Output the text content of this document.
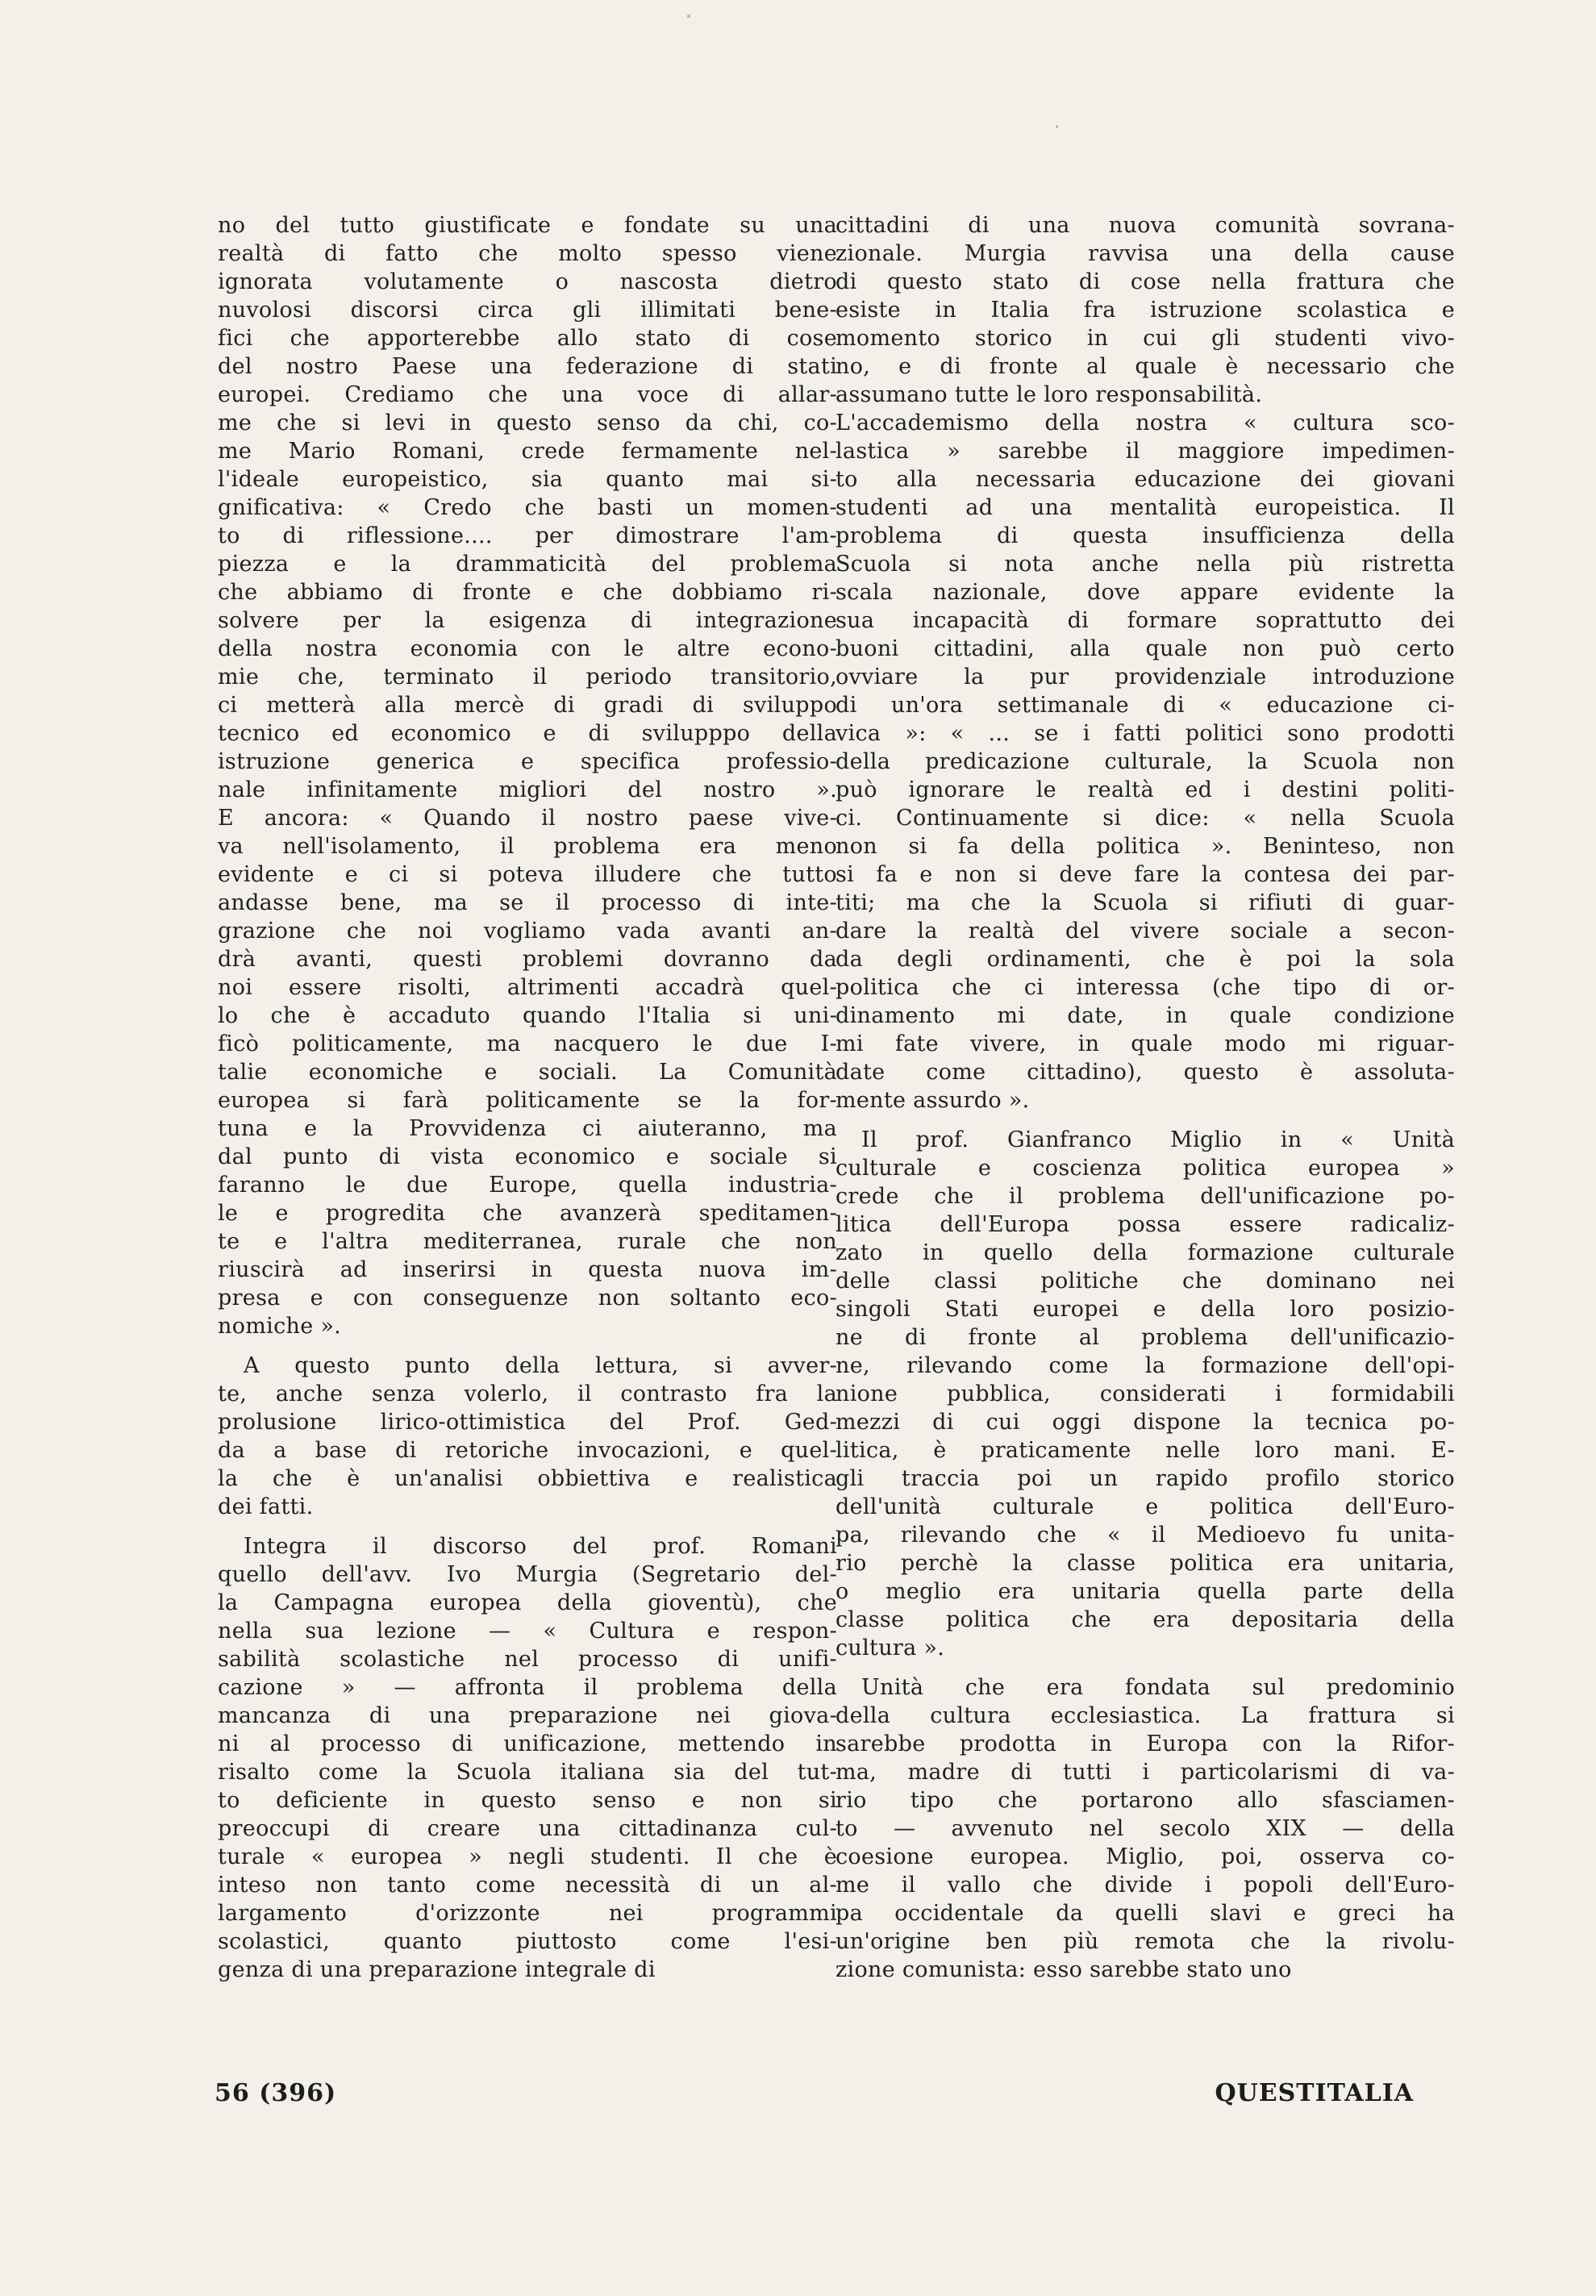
no del tutto giustificate e fondate su una
realtà di fatto che molto spesso viene
ignorata volutamente o nascosta dietro
nuvolosi discorsi circa gli illimitati bene-
fici che apporterebbe allo stato di cose
del nostro Paese una federazione di stati
europei. Crediamo che una voce di allar-
me che si levi in questo senso da chi, co-
me Mario Romani, crede fermamente nel-
l'ideale europeistico, sia quanto mai si-
gnificativa: « Credo che basti un momen-
to di riflessione.... per dimostrare l'am-
piezza e la drammaticità del problema
che abbiamo di fronte e che dobbiamo ri-
solvere per la esigenza di integrazione
della nostra economia con le altre econo-
mie che, terminato il periodo transitorio,
ci metterà alla mercè di gradi di sviluppo
tecnico ed economico e di svilupppo della
istruzione generica e specifica professio-
nale infinitamente migliori del nostro ».
E ancora: « Quando il nostro paese vive-
va nell'isolamento, il problema era meno
evidente e ci si poteva illudere che tutto
andasse bene, ma se il processo di inte-
grazione che noi vogliamo vada avanti an-
drà avanti, questi problemi dovranno da
noi essere risolti, altrimenti accadrà quel-
lo che è accaduto quando l'Italia si uni-
ficò politicamente, ma nacquero le due I-
talie economiche e sociali. La Comunità
europea si farà politicamente se la for-
tuna e la Provvidenza ci aiuteranno, ma
dal punto di vista economico e sociale si
faranno le due Europe, quella industria-
le e progredita che avanzerà speditamen-
te e l'altra mediterranea, rurale che non
riuscirà ad inserirsi in questa nuova im-
presa e con conseguenze non soltanto eco-
nomiche ».
A questo punto della lettura, si avver-
te, anche senza volerlo, il contrasto fra la
prolusione lirico-ottimistica del Prof. Ged-
da a base di retoriche invocazioni, e quel-
la che è un'analisi obbiettiva e realistica
dei fatti.
Integra il discorso del prof. Romani
quello dell'avv. Ivo Murgia (Segretario del-
la Campagna europea della gioventù), che
nella sua lezione — « Cultura e respon-
sabilità scolastiche nel processo di unifi-
cazione » — affronta il problema della
mancanza di una preparazione nei giova-
ni al processo di unificazione, mettendo in
risalto come la Scuola italiana sia del tut-
to deficiente in questo senso e non si
preoccupi di creare una cittadinanza cul-
turale « europea » negli studenti. Il che è
inteso non tanto come necessità di un al-
largamento d'orizzonte nei programmi
scolastici, quanto piuttosto come l'esi-
genza di una preparazione integrale di
cittadini di una nuova comunità sovrana-
zionale. Murgia ravvisa una della cause
di questo stato di cose nella frattura che
esiste in Italia fra istruzione scolastica e
momento storico in cui gli studenti vivo-
no, e di fronte al quale è necessario che
assumano tutte le loro responsabilità.
L'accademismo della nostra « cultura sco-
lastica » sarebbe il maggiore impedimen-
to alla necessaria educazione dei giovani
studenti ad una mentalità europeistica. Il
problema di questa insufficienza della
Scuola si nota anche nella più ristretta
scala nazionale, dove appare evidente la
sua incapacità di formare soprattutto dei
buoni cittadini, alla quale non può certo
ovviare la pur providenziale introduzione
di un'ora settimanale di « educazione ci-
vica »: « ... se i fatti politici sono prodotti
della predicazione culturale, la Scuola non
può ignorare le realtà ed i destini politi-
ci. Continuamente si dice: « nella Scuola
non si fa della politica ». Beninteso, non
si fa e non si deve fare la contesa dei par-
titi; ma che la Scuola si rifiuti di guar-
dare la realtà del vivere sociale a secon-
da degli ordinamenti, che è poi la sola
politica che ci interessa (che tipo di or-
dinamento mi date, in quale condizione
mi fate vivere, in quale modo mi riguar-
date come cittadino), questo è assoluta-
mente assurdo ».
Il prof. Gianfranco Miglio in « Unità
culturale e coscienza politica europea »
crede che il problema dell'unificazione po-
litica dell'Europa possa essere radicaliz-
zato in quello della formazione culturale
delle classi politiche che dominano nei
singoli Stati europei e della loro posizio-
ne di fronte al problema dell'unificazio-
ne, rilevando come la formazione dell'opi-
nione pubblica, considerati i formidabili
mezzi di cui oggi dispone la tecnica po-
litica, è praticamente nelle loro mani. E-
gli traccia poi un rapido profilo storico
dell'unità culturale e politica dell'Euro-
pa, rilevando che « il Medioevo fu unita-
rio perchè la classe politica era unitaria,
o meglio era unitaria quella parte della
classe politica che era depositaria della
cultura ».
Unità che era fondata sul predominio
della cultura ecclesiastica. La frattura si
sarebbe prodotta in Europa con la Rifor-
ma, madre di tutti i particolarismi di va-
rio tipo che portarono allo sfasciamen-
to — avvenuto nel secolo XIX — della
coesione europea. Miglio, poi, osserva co-
me il vallo che divide i popoli dell'Euro-
pa occidentale da quelli slavi e greci ha
un'origine ben più remota che la rivolu-
zione comunista: esso sarebbe stato uno
56 (396)	QUESTITALIA
